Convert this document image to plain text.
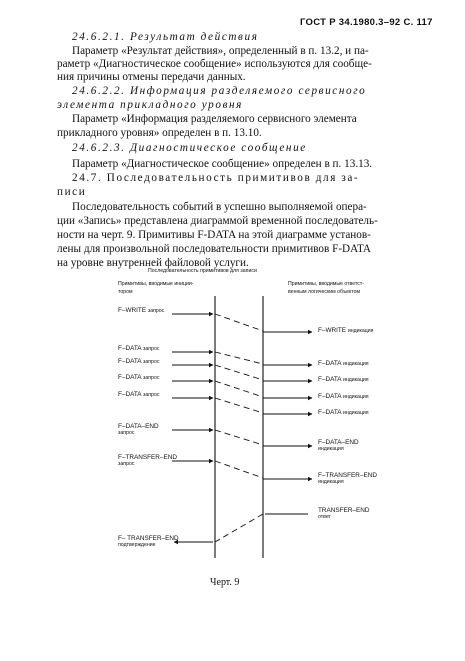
ГОСТ Р 34.1980.3–92 С. 117
24.6.2.1. Результат действия
Параметр «Результат действия», определенный в п. 13.2, и па-
раметр «Диагностическое сообщение» используются для сообще-
ния причины отмены передачи данных.
24.6.2.2. Информация разделяемого сервисного
элемента прикладного уровня
Параметр «Информация разделяемого сервисного элемента
прикладного уровня» определен в п. 13.10.
24.6.2.3. Диагностическое сообщение
Параметр «Диагностическое сообщение» определен в п. 13.13.
24.7. Последовательность примитивов для за-
писи
Последовательность событий в успешно выполняемой опера-
ции «Запись» представлена диаграммой временной последователь-
ности на черт. 9. Примитивы F-DATA на этой диаграмме установ-
лены для произвольной последовательности примитивов F-DATA
на уровне внутренней файловой услуги.
Последовательность примитивов для записи
Примитивы, вводимые иниции-
тором
Примитивы, вводимые ответст-
венным логическим объектом
F–WRITE запрос
F–DATA запрос
F–DATA запрос
F–DATA запрос
F–DATA запрос
F–DATA–END
запрос
F–TRANSFER–END
запрос
F– TRANSFER–END
подтверждение
F–WRITE индикация
F–DATA индикация
F–DATA индикация
F–DATA индикация
F–DATA индикация
F–DATA–END
индикация
F–TRANSFER–END
индикация
TRANSFER–END
ответ
Черт. 9
